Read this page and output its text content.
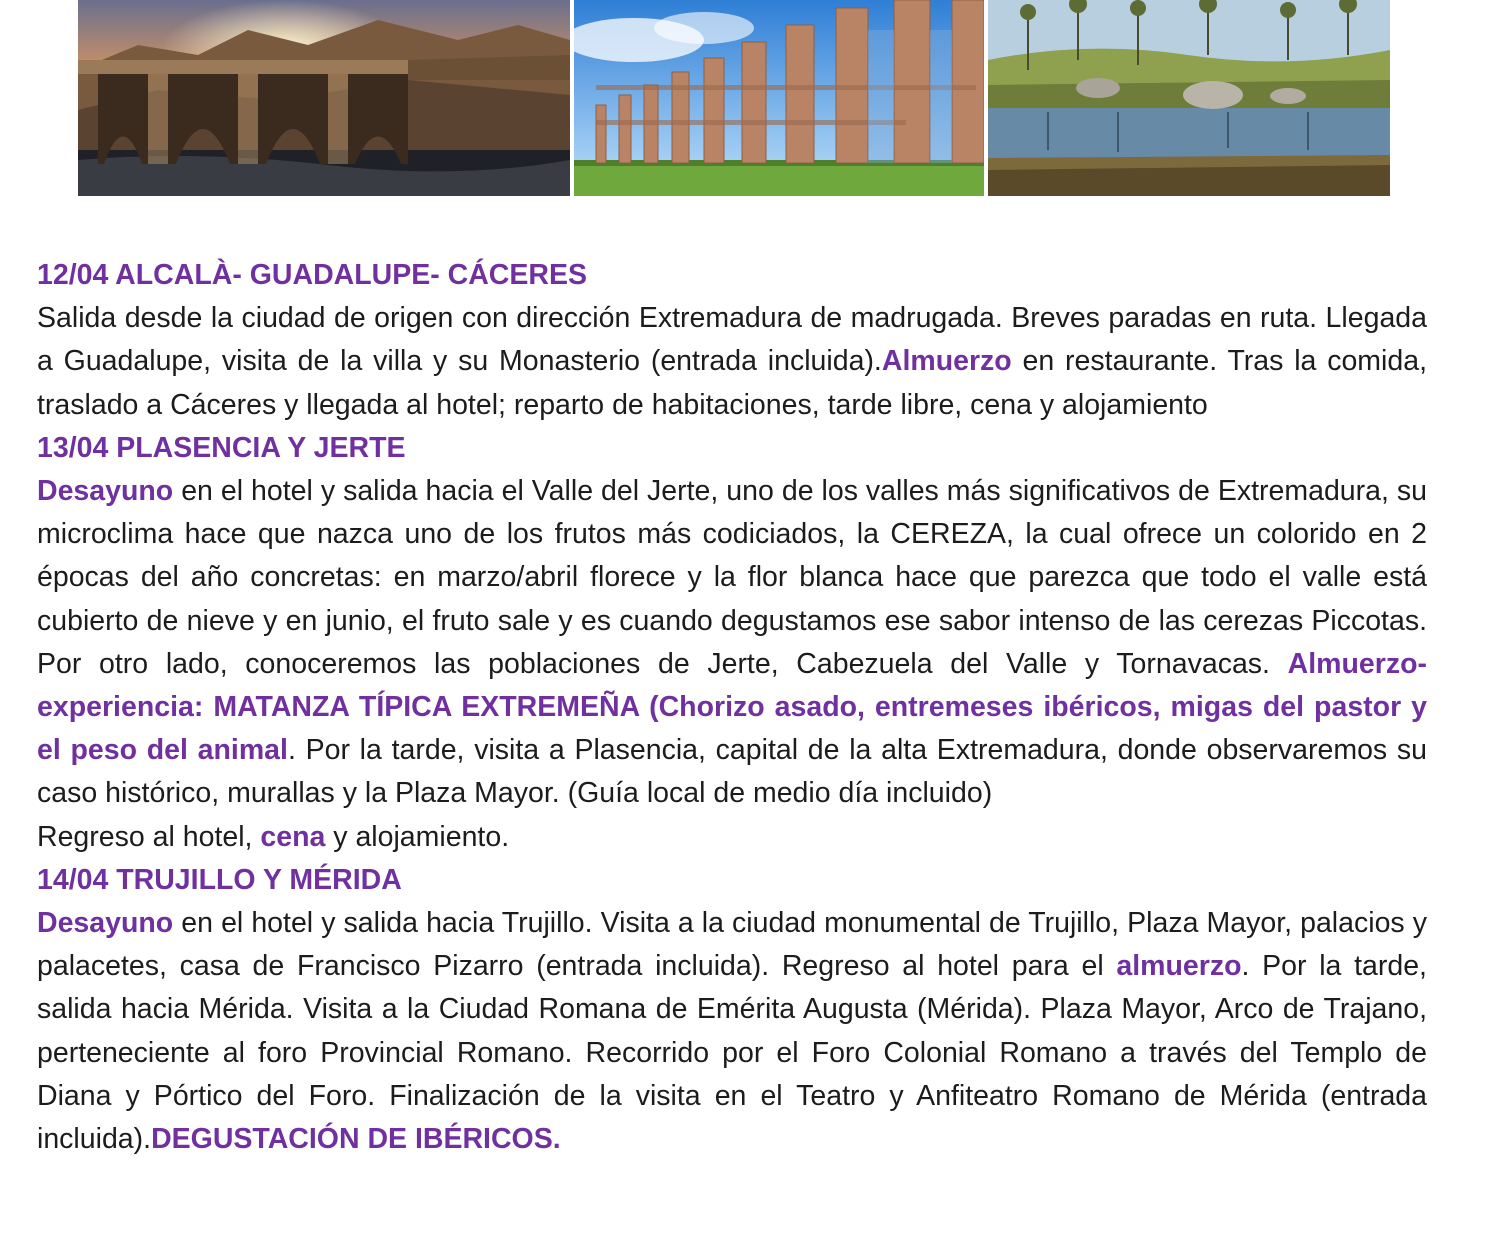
12/04 ALCALÀ- GUADALUPE- CÁCERES

Salida desde la ciudad de origen con dirección Extremadura de madrugada. Breves paradas en ruta. Llegada a Guadalupe, visita de la villa y su Monasterio (entrada incluida).Almuerzo en restaurante. Tras la comida, traslado a Cáceres y llegada al hotel; reparto de habitaciones, tarde libre, cena y alojamiento

13/04 PLASENCIA Y JERTE

Desayuno en el hotel y salida hacia el Valle del Jerte, uno de los valles más significativos de Extremadura, su microclima hace que nazca uno de los frutos más codiciados, la CEREZA, la cual ofrece un colorido en 2 épocas del año concretas: en marzo/abril florece y la flor blanca hace que parezca que todo el valle está cubierto de nieve y en junio, el fruto sale y es cuando degustamos ese sabor intenso de las cerezas Piccotas. Por otro lado, conoceremos las poblaciones de Jerte, Cabezuela del Valle y Tornavacas. Almuerzo- experiencia: MATANZA TÍPICA EXTREMEÑA (Chorizo asado, entremeses ibéricos, migas del pastor y el peso del animal. Por la tarde, visita a Plasencia, capital de la alta Extremadura, donde observaremos su caso histórico, murallas y la Plaza Mayor. (Guía local de medio día incluido)

Regreso al hotel, cena y alojamiento.

14/04 TRUJILLO Y MÉRIDA

Desayuno en el hotel y salida hacia Trujillo. Visita a la ciudad monumental de Trujillo, Plaza Mayor, palacios y palacetes, casa de Francisco Pizarro (entrada incluida). Regreso al hotel para el almuerzo. Por la tarde, salida hacia Mérida. Visita a la Ciudad Romana de Emérita Augusta (Mérida). Plaza Mayor, Arco de Trajano, perteneciente al foro Provincial Romano. Recorrido por el Foro Colonial Romano a través del Templo de Diana y Pórtico del Foro. Finalización de la visita en el Teatro y Anfiteatro Romano de Mérida (entrada incluida).DEGUSTACIÓN DE IBÉRICOS.
